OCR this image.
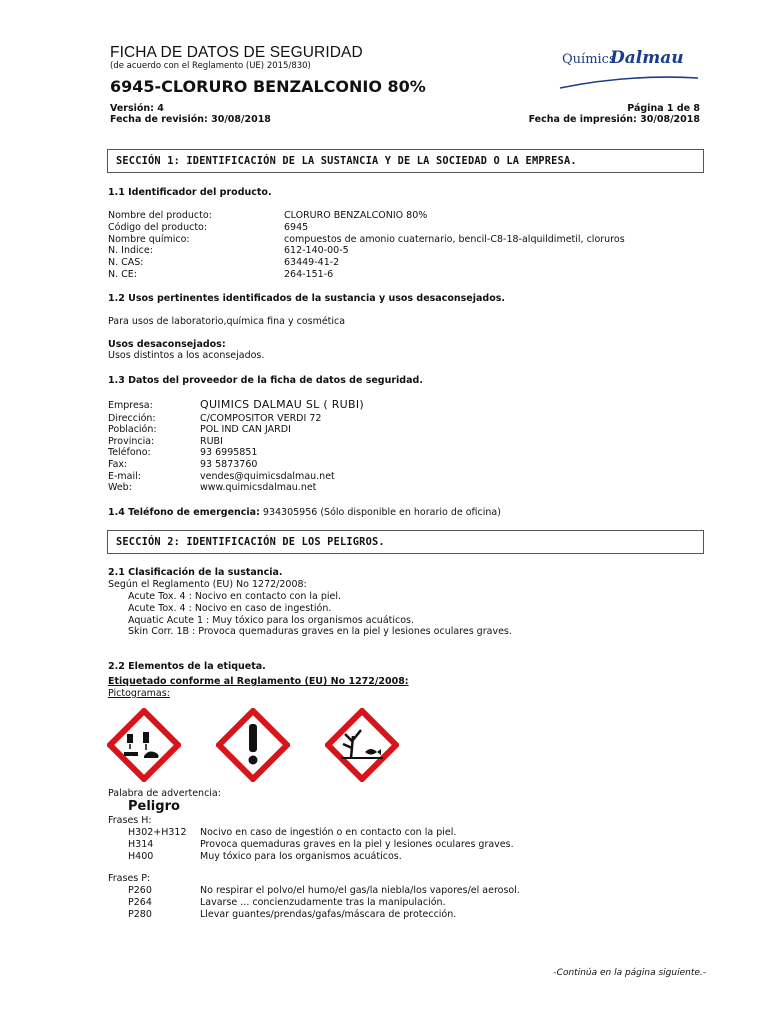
FICHA DE DATOS DE SEGURIDAD
(de acuerdo con el Reglamento (UE) 2015/830)
6945-CLORURO BENZALCONIO 80%
Químics
Dalmau
Versión: 4
Fecha de revisión: 30/08/2018
Página 1 de 8
Fecha de impresión: 30/08/2018
SECCIÓN 1: IDENTIFICACIÓN DE LA SUSTANCIA Y DE LA SOCIEDAD O LA EMPRESA.
1.1 Identificador del producto.
Nombre del producto:	CLORURO BENZALCONIO 80%
Código del producto:	6945
Nombre químico:	compuestos de amonio cuaternario, bencil-C8-18-alquildimetil, cloruros
N. Indice:	612-140-00-5
N. CAS:	63449-41-2
N. CE:	264-151-6
1.2 Usos pertinentes identificados de la sustancia y usos desaconsejados.
Para usos de laboratorio,química fina y cosmética
Usos desaconsejados:
Usos distintos a los aconsejados.
1.3 Datos del proveedor de la ficha de datos de seguridad.
Empresa:	QUIMICS DALMAU SL ( RUBI)
Dirección:	C/COMPOSITOR VERDI 72
Población:	POL IND CAN JARDI
Provincia:	RUBI
Teléfono:	93 6995851
Fax:	93 5873760
E-mail:	vendes@quimicsdalmau.net
Web:	www.quimicsdalmau.net
1.4 Teléfono de emergencia: 934305956 (Sólo disponible en horario de oficina)
SECCIÓN 2: IDENTIFICACIÓN DE LOS PELIGROS.
2.1 Clasificación de la sustancia.
Según el Reglamento (EU) No 1272/2008:
Acute Tox. 4 : Nocivo en contacto con la piel.
Acute Tox. 4 : Nocivo en caso de ingestión.
Aquatic Acute 1 : Muy tóxico para los organismos acuáticos.
Skin Corr. 1B : Provoca quemaduras graves en la piel y lesiones oculares graves.
2.2 Elementos de la etiqueta.
Etiquetado conforme al Reglamento (EU) No 1272/2008:
Pictogramas:
Palabra de advertencia:
Peligro
Frases H:
H302+H312 Nocivo en caso de ingestión o en contacto con la piel.
H314	Provoca quemaduras graves en la piel y lesiones oculares graves.
H400	Muy tóxico para los organismos acuáticos.
Frases P:
P260	No respirar el polvo/el humo/el gas/la niebla/los vapores/el aerosol.
P264	Lavarse ... concienzudamente tras la manipulación.
P280	Llevar guantes/prendas/gafas/máscara de protección.
-Continúa en la página siguiente.-
